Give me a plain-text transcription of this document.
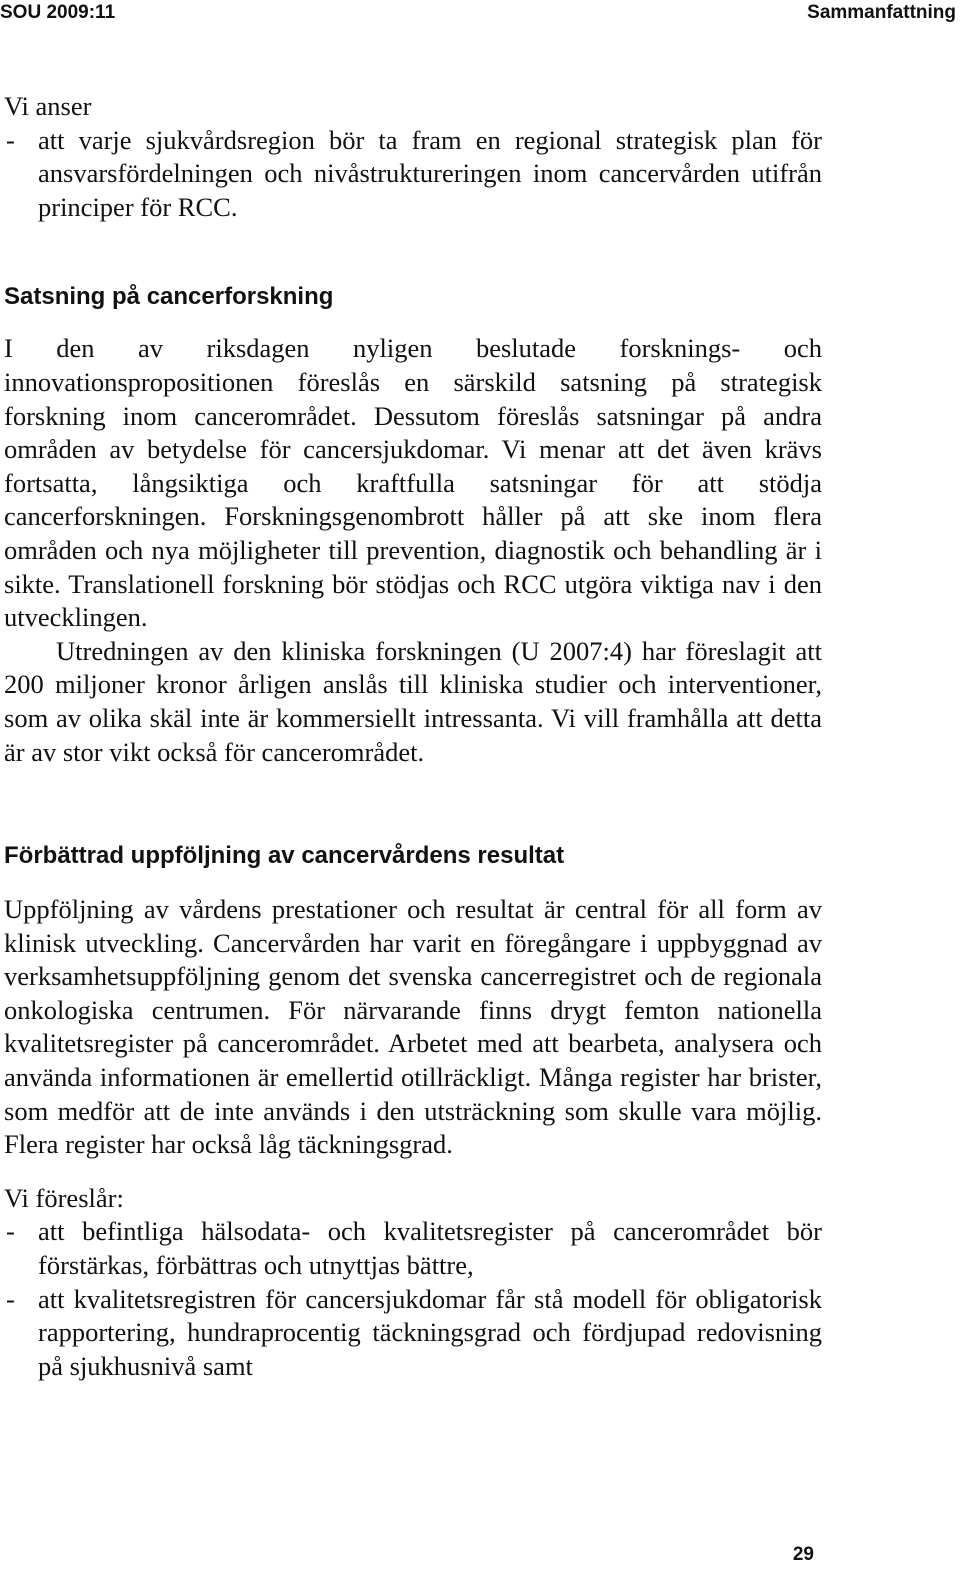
SOU 2009:11	Sammanfattning

Vi anser

- att varje sjukvårdsregion bör ta fram en regional strategisk plan för ansvarsfördelningen och nivåstruktureringen inom cancervården utifrån principer för RCC.
Satsning på cancerforskning

I den av riksdagen nyligen beslutade forsknings- och innovationspropositionen föreslås en särskild satsning på strategisk forskning inom cancerområdet. Dessutom föreslås satsningar på andra områden av betydelse för cancersjukdomar. Vi menar att det även krävs fortsatta, långsiktiga och kraftfulla satsningar för att stödja cancerforskningen. Forskningsgenombrott håller på att ske inom flera områden och nya möjligheter till prevention, diagnostik och behandling är i sikte. Translationell forskning bör stödjas och RCC utgöra viktiga nav i den utvecklingen.

Utredningen av den kliniska forskningen (U 2007:4) har föreslagit att 200 miljoner kronor årligen anslås till kliniska studier och interventioner, som av olika skäl inte är kommersiellt intressanta. Vi vill framhålla att detta är av stor vikt också för cancerområdet.

Förbättrad uppföljning av cancervårdens resultat

Uppföljning av vårdens prestationer och resultat är central för all form av klinisk utveckling. Cancervården har varit en föregångare i uppbyggnad av verksamhetsuppföljning genom det svenska cancerregistret och de regionala onkologiska centrumen. För närvarande finns drygt femton nationella kvalitetsregister på cancerområdet. Arbetet med att bearbeta, analysera och använda informationen är emellertid otillräckligt. Många register har brister, som medför att de inte används i den utsträckning som skulle vara möjlig. Flera register har också låg täckningsgrad.

Vi föreslår:

- att befintliga hälsodata- och kvalitetsregister på cancerområdet bör förstärkas, förbättras och utnyttjas bättre,
- att kvalitetsregistren för cancersjukdomar får stå modell för obligatorisk rapportering, hundraprocentig täckningsgrad och fördjupad redovisning på sjukhusnivå samt
29
